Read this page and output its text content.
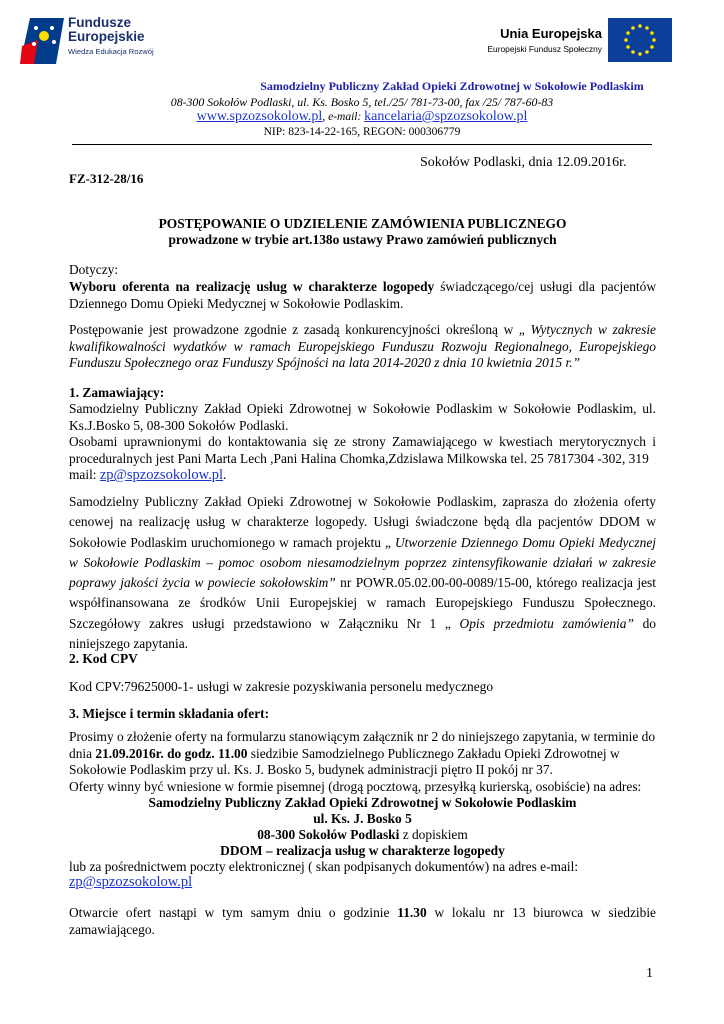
Fundusze
Europejskie
Wiedza Edukacja Rozwój
Unia Europejska
Europejski Fundusz Społeczny
Samodzielny Publiczny Zakład Opieki Zdrowotnej w Sokołowie Podlaskim
08-300 Sokołów Podlaski, ul. Ks. Bosko 5, tel./25/ 781-73-00, fax /25/ 787-60-83
www.spzozsokolow.pl, e-mail: kancelaria@spzozsokolow.pl
NIP: 823-14-22-165, REGON: 000306779
Sokołów Podlaski, dnia 12.09.2016r.
FZ-312-28/16
POSTĘPOWANIE O UDZIELENIE ZAMÓWIENIA PUBLICZNEGO
prowadzone w trybie art.138o ustawy Prawo zamówień publicznych
Dotyczy:
Wyboru oferenta na realizację usług w charakterze logopedy świadczącego/cej usługi dla pacjentów Dziennego Domu Opieki Medycznej w Sokołowie Podlaskim.
Postępowanie jest prowadzone zgodnie z zasadą konkurencyjności określoną w „ Wytycznych w zakresie kwalifikowalności wydatków w ramach Europejskiego Funduszu Rozwoju Regionalnego, Europejskiego Funduszu Społecznego oraz Funduszy Spójności na lata 2014-2020 z dnia 10 kwietnia 2015 r.”
1. Zamawiający:
Samodzielny Publiczny Zakład Opieki Zdrowotnej w Sokołowie Podlaskim w Sokołowie Podlaskim, ul. Ks.J.Bosko 5, 08-300 Sokołów Podlaski.
Osobami uprawnionymi do kontaktowania się ze strony Zamawiającego w kwestiach merytorycznych i proceduralnych jest Pani Marta Lech ,Pani Halina Chomka,Zdzislawa Milkowska tel. 25 7817304 -302, 319
mail: zp@spzozsokolow.pl.
Samodzielny Publiczny Zakład Opieki Zdrowotnej w Sokołowie Podlaskim, zaprasza do złożenia oferty cenowej na realizację usług w charakterze logopedy. Usługi świadczone będą dla pacjentów DDOM w Sokołowie Podlaskim uruchomionego w ramach projektu „ Utworzenie Dziennego Domu Opieki Medycznej w Sokołowie Podlaskim – pomoc osobom niesamodzielnym poprzez zintensyfikowanie działań w zakresie poprawy jakości życia w powiecie sokołowskim” nr POWR.05.02.00-00-0089/15-00, którego realizacja jest współfinansowana ze środków Unii Europejskiej w ramach Europejskiego Funduszu Społecznego. Szczegółowy zakres usługi przedstawiono w Załączniku Nr 1 „ Opis przedmiotu zamówienia” do niniejszego zapytania.
2. Kod CPV
Kod CPV:79625000-1- usługi w zakresie pozyskiwania personelu medycznego
3. Miejsce i termin składania ofert:
Prosimy o złożenie oferty na formularzu stanowiącym załącznik nr 2 do niniejszego zapytania, w terminie do dnia 21.09.2016r. do godz. 11.00 siedzibie Samodzielnego Publicznego Zakładu Opieki Zdrowotnej w Sokołowie Podlaskim przy ul. Ks. J. Bosko 5, budynek administracji piętro II pokój nr 37.
Oferty winny być wniesione w formie pisemnej (drogą pocztową, przesyłką kurierską, osobiście) na adres:
Samodzielny Publiczny Zakład Opieki Zdrowotnej w Sokołowie Podlaskim
ul. Ks. J. Bosko 5
08-300 Sokołów Podlaski z dopiskiem
DDOM – realizacja usług w charakterze logopedy
lub za pośrednictwem poczty elektronicznej ( skan podpisanych dokumentów) na adres e-mail:
zp@spzozsokolow.pl
Otwarcie ofert nastąpi w tym samym dniu o godzinie 11.30 w lokalu nr 13 biurowca w siedzibie zamawiającego.
1
